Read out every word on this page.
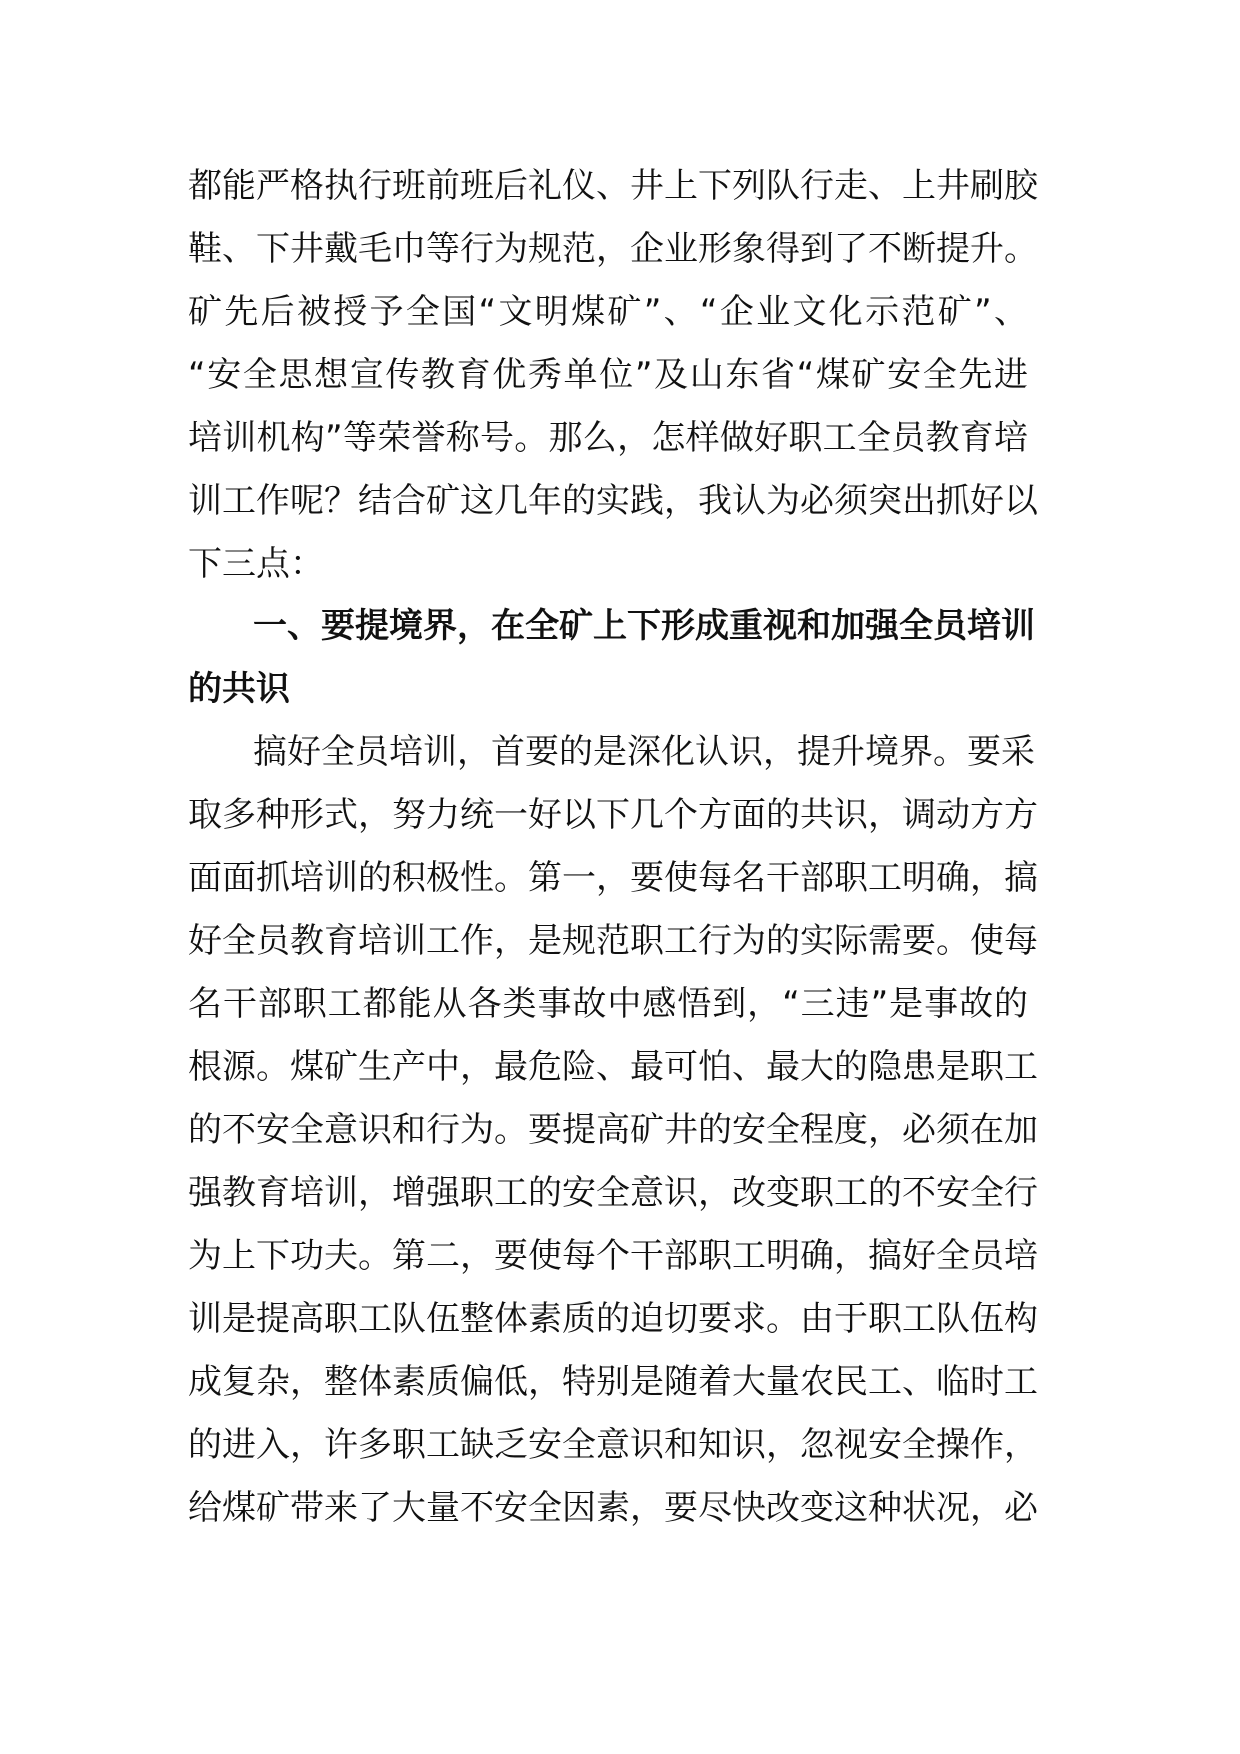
都能严格执行班前班后礼仪、井上下列队行走、上井刷胶
鞋、下井戴毛巾等行为规范，企业形象得到了不断提升。
矿先后被授予全国“文明煤矿”、“企业文化示范矿”、
“安全思想宣传教育优秀单位”及山东省“煤矿安全先进
培训机构”等荣誉称号。那么，怎样做好职工全员教育培
训工作呢？结合矿这几年的实践，我认为必须突出抓好以
下三点：
一、要提境界，在全矿上下形成重视和加强全员培训
的共识
搞好全员培训，首要的是深化认识，提升境界。要采
取多种形式，努力统一好以下几个方面的共识，调动方方
面面抓培训的积极性。第一，要使每名干部职工明确，搞
好全员教育培训工作，是规范职工行为的实际需要。使每
名干部职工都能从各类事故中感悟到，“三违”是事故的
根源。煤矿生产中，最危险、最可怕、最大的隐患是职工
的不安全意识和行为。要提高矿井的安全程度，必须在加
强教育培训，增强职工的安全意识，改变职工的不安全行
为上下功夫。第二，要使每个干部职工明确，搞好全员培
训是提高职工队伍整体素质的迫切要求。由于职工队伍构
成复杂，整体素质偏低，特别是随着大量农民工、临时工
的进入，许多职工缺乏安全意识和知识，忽视安全操作，
给煤矿带来了大量不安全因素，要尽快改变这种状况，必
